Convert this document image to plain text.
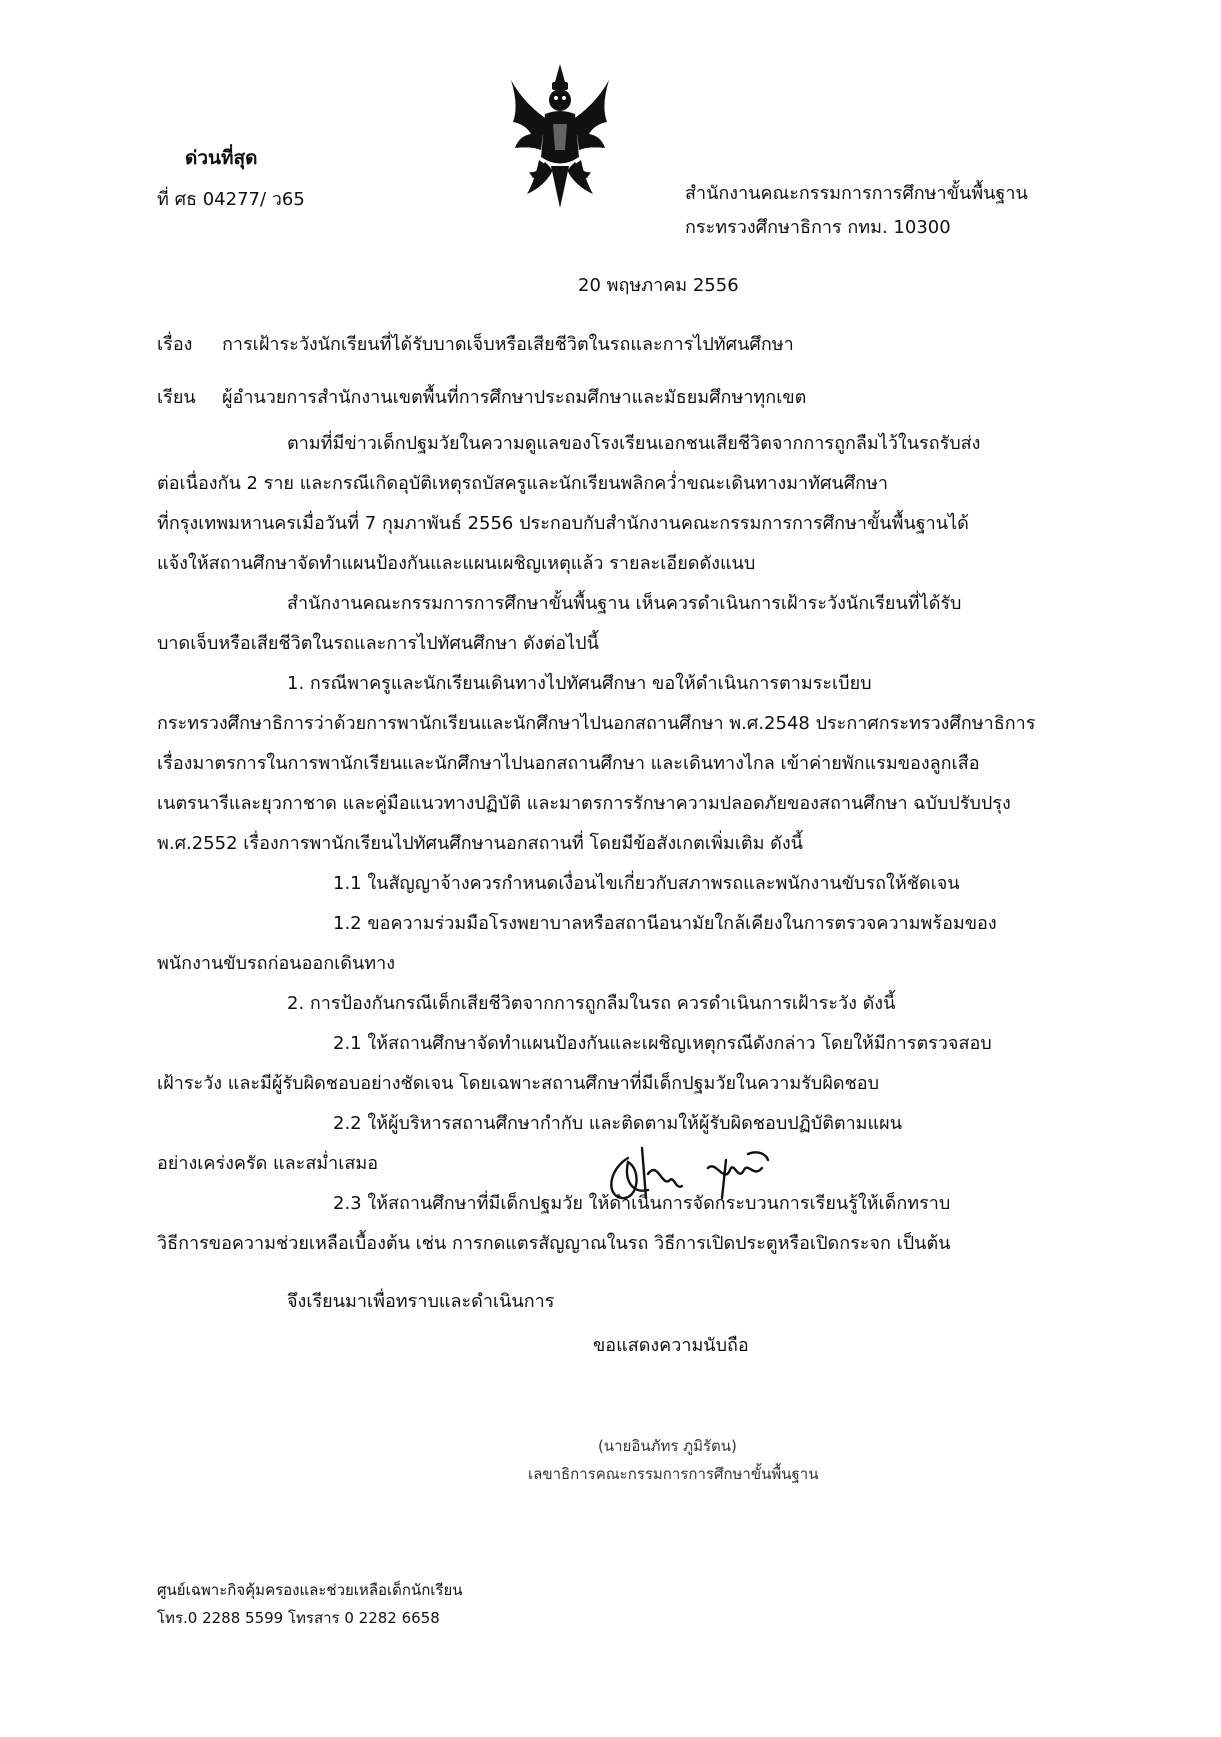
ด่วนที่สุด
ที่ ศธ 04277/ ว65	สำนักงานคณะกรรมการการศึกษาขั้นพื้นฐาน
กระทรวงศึกษาธิการ กทม. 10300
20 พฤษภาคม 2556
เรื่อง การเฝ้าระวังนักเรียนที่ได้รับบาดเจ็บหรือเสียชีวิตในรถและการไปทัศนศึกษา
เรียน ผู้อำนวยการสำนักงานเขตพื้นที่การศึกษาประถมศึกษาและมัธยมศึกษาทุกเขต
ตามที่มีข่าวเด็กปฐมวัยในความดูแลของโรงเรียนเอกชนเสียชีวิตจากการถูกลืมไว้ในรถรับส่ง
ต่อเนื่องกัน 2 ราย และกรณีเกิดอุบัติเหตุรถบัสครูและนักเรียนพลิกคว่ำขณะเดินทางมาทัศนศึกษา
ที่กรุงเทพมหานครเมื่อวันที่ 7 กุมภาพันธ์ 2556 ประกอบกับสำนักงานคณะกรรมการการศึกษาขั้นพื้นฐานได้
แจ้งให้สถานศึกษาจัดทำแผนป้องกันและแผนเผชิญเหตุแล้ว รายละเอียดดังแนบ
สำนักงานคณะกรรมการการศึกษาขั้นพื้นฐาน เห็นควรดำเนินการเฝ้าระวังนักเรียนที่ได้รับ
บาดเจ็บหรือเสียชีวิตในรถและการไปทัศนศึกษา ดังต่อไปนี้
1. กรณีพาครูและนักเรียนเดินทางไปทัศนศึกษา ขอให้ดำเนินการตามระเบียบ
กระทรวงศึกษาธิการว่าด้วยการพานักเรียนและนักศึกษาไปนอกสถานศึกษา พ.ศ.2548 ประกาศกระทรวงศึกษาธิการ
เรื่องมาตรการในการพานักเรียนและนักศึกษาไปนอกสถานศึกษา และเดินทางไกล เข้าค่ายพักแรมของลูกเสือ
เนตรนารีและยุวกาชาด และคู่มือแนวทางปฏิบัติ และมาตรการรักษาความปลอดภัยของสถานศึกษา ฉบับปรับปรุง
พ.ศ.2552 เรื่องการพานักเรียนไปทัศนศึกษานอกสถานที่ โดยมีข้อสังเกตเพิ่มเติม ดังนี้
1.1 ในสัญญาจ้างควรกำหนดเงื่อนไขเกี่ยวกับสภาพรถและพนักงานขับรถให้ชัดเจน
1.2 ขอความร่วมมือโรงพยาบาลหรือสถานีอนามัยใกล้เคียงในการตรวจความพร้อมของ
พนักงานขับรถก่อนออกเดินทาง
2. การป้องกันกรณีเด็กเสียชีวิตจากการถูกลืมในรถ ควรดำเนินการเฝ้าระวัง ดังนี้
2.1 ให้สถานศึกษาจัดทำแผนป้องกันและเผชิญเหตุกรณีดังกล่าว โดยให้มีการตรวจสอบ
เฝ้าระวัง และมีผู้รับผิดชอบอย่างชัดเจน โดยเฉพาะสถานศึกษาที่มีเด็กปฐมวัยในความรับผิดชอบ
2.2 ให้ผู้บริหารสถานศึกษากำกับ และติดตามให้ผู้รับผิดชอบปฏิบัติตามแผน
อย่างเคร่งครัด และสม่ำเสมอ
2.3 ให้สถานศึกษาที่มีเด็กปฐมวัย ให้ดำเนินการจัดกระบวนการเรียนรู้ให้เด็กทราบ
วิธีการขอความช่วยเหลือเบื้องต้น เช่น การกดแตรสัญญาณในรถ วิธีการเปิดประตูหรือเปิดกระจก เป็นต้น
จึงเรียนมาเพื่อทราบและดำเนินการ
ขอแสดงความนับถือ
(นายอินภัทร ภูมิรัตน)
เลขาธิการคณะกรรมการการศึกษาขั้นพื้นฐาน
ศูนย์เฉพาะกิจคุ้มครองและช่วยเหลือเด็กนักเรียน
โทร.0 2288 5599 โทรสาร 0 2282 6658
